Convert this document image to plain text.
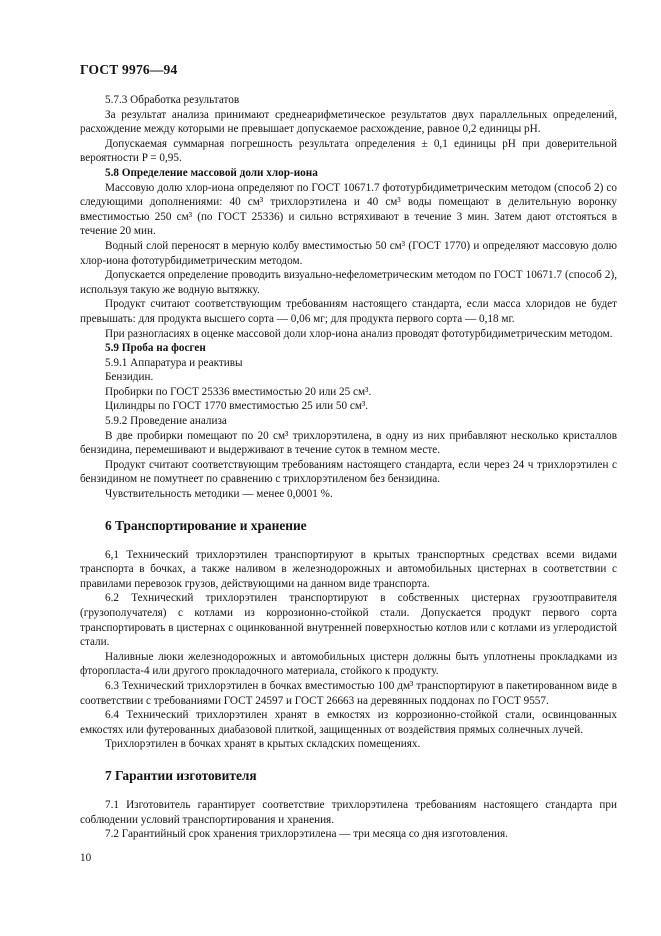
ГОСТ 9976—94

5.7.3 Обработка результатов

За результат анализа принимают среднеарифметическое результатов двух параллельных определений, расхождение между которыми не превышает допускаемое расхождение, равное 0,2 единицы рН.

Допускаемая суммарная погрешность результата определения ± 0,1 единицы рН при доверительной вероятности P = 0,95.

5.8 Определение массовой доли хлор-иона

Массовую долю хлор-иона определяют по ГОСТ 10671.7 фототурбидиметрическим методом (способ 2) со следующими дополнениями: 40 см³ трихлорэтилена и 40 см³ воды помещают в делительную воронку вместимостью 250 см³ (по ГОСТ 25336) и сильно встряхивают в течение 3 мин. Затем дают отстояться в течение 20 мин.

Водный слой переносят в мерную колбу вместимостью 50 см³ (ГОСТ 1770) и определяют массовую долю хлор-иона фототурбидиметрическим методом.

Допускается определение проводить визуально-нефелометрическим методом по ГОСТ 10671.7 (способ 2), используя такую же водную вытяжку.

Продукт считают соответствующим требованиям настоящего стандарта, если масса хлоридов не будет превышать: для продукта высшего сорта — 0,06 мг; для продукта первого сорта — 0,18 мг.

При разногласиях в оценке массовой доли хлор-иона анализ проводят фототурбидиметрическим методом.

5.9 Проба на фосген

5.9.1 Аппаратура и реактивы

Бензидин.

Пробирки по ГОСТ 25336 вместимостью 20 или 25 см³.

Цилиндры по ГОСТ 1770 вместимостью 25 или 50 см³.

5.9.2 Проведение анализа

В две пробирки помещают по 20 см³ трихлорэтилена, в одну из них прибавляют несколько кристаллов бензидина, перемешивают и выдерживают в течение суток в темном месте.

Продукт считают соответствующим требованиям настоящего стандарта, если через 24 ч трихлорэтилен с бензидином не помутнеет по сравнению с трихлорэтиленом без бензидина.

Чувствительность методики — менее 0,0001 %.

6 Транспортирование и хранение

6,1 Технический трихлорэтилен транспортируют в крытых транспортных средствах всеми видами транспорта в бочках, а также наливом в железнодорожных и автомобильных цистернах в соответствии с правилами перевозок грузов, действующими на данном виде транспорта.

6.2 Технический трихлорэтилен транспортируют в собственных цистернах грузоотправителя (грузополучателя) с котлами из коррозионно-стойкой стали. Допускается продукт первого сорта транспортировать в цистернах с оцинкованной внутренней поверхностью котлов или с котлами из углеродистой стали.

Наливные люки железнодорожных и автомобильных цистерн должны быть уплотнены прокладками из фторопласта-4 или другого прокладочного материала, стойкого к продукту.

6.3 Технический трихлорэтилен в бочках вместимостью 100 дм³ транспортируют в пакетированном виде в соответствии с требованиями ГОСТ 24597 и ГОСТ 26663 на деревянных поддонах по ГОСТ 9557.

6.4 Технический трихлорэтилен хранят в емкостях из коррозионно-стойкой стали, освинцованных емкостях или футерованных диабазовой плиткой, защищенных от воздействия прямых солнечных лучей.

Трихлорэтилен в бочках хранят в крытых складских помещениях.

7 Гарантии изготовителя

7.1 Изготовитель гарантирует соответствие трихлорэтилена требованиям настоящего стандарта при соблюдении условий транспортирования и хранения.

7.2 Гарантийный срок хранения трихлорэтилена — три месяца со дня изготовления.

10
